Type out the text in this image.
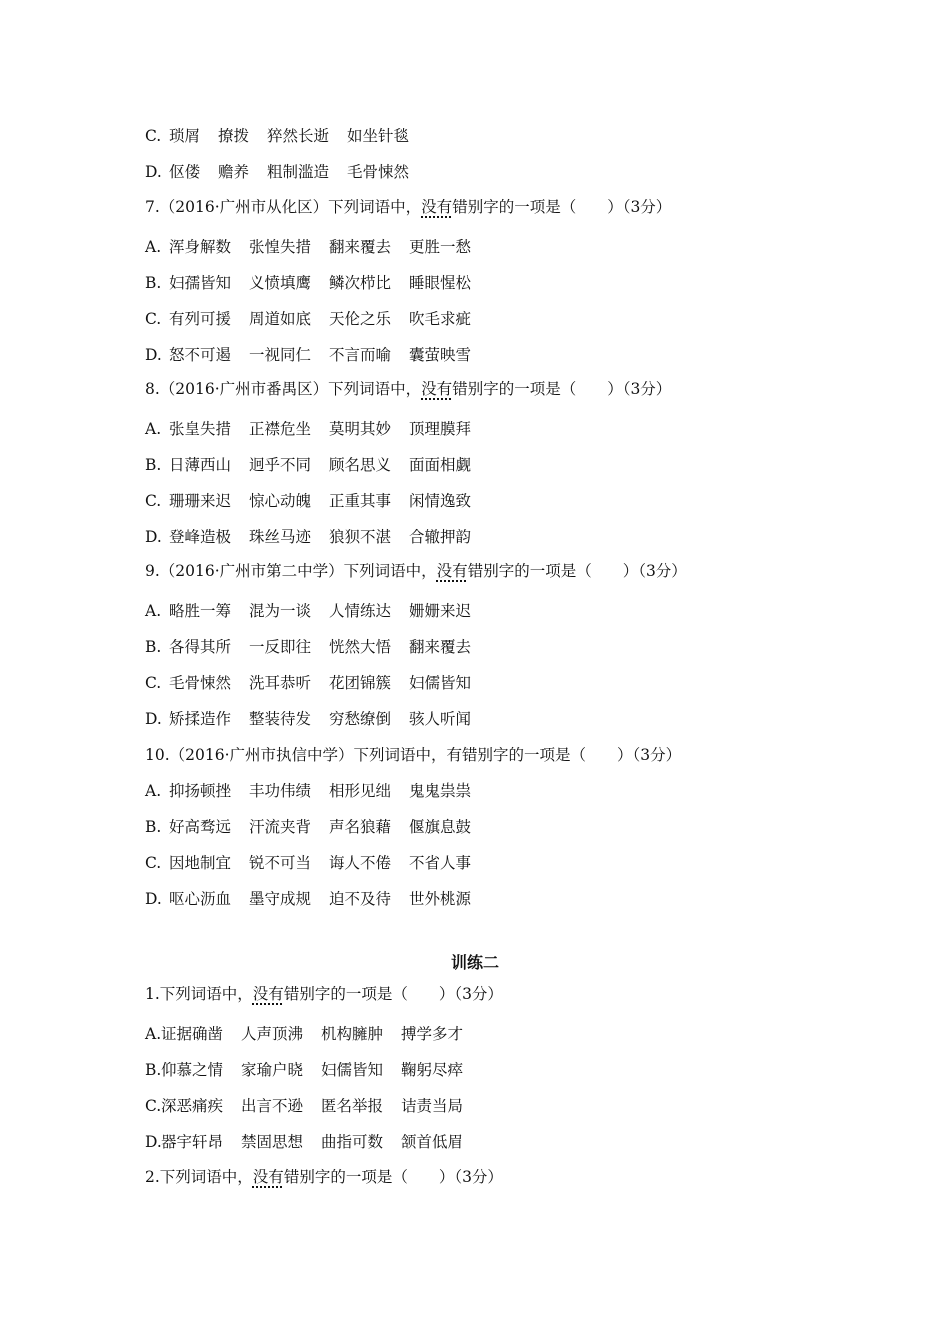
C. 琐屑 撩拨 猝然长逝 如坐针毯
D. 伛偻 赡养 粗制滥造 毛骨悚然
7.（2016·广州市从化区）下列词语中，没有错别字的一项是（　　）（3分）
A. 浑身解数 张惶失措 翻来覆去 更胜一愁
B. 妇孺皆知 义愤填鹰 鳞次栉比 睡眼惺松
C. 有列可援 周道如底 天伦之乐 吹毛求疵
D. 怒不可遏 一视同仁 不言而喻 囊萤映雪
8.（2016·广州市番禺区）下列词语中，没有错别字的一项是（　　）（3分）
A. 张皇失措 正襟危坐 莫明其妙 顶理膜拜
B. 日薄西山 迥乎不同 顾名思义 面面相觑
C. 珊珊来迟 惊心动魄 正重其事 闲情逸致
D. 登峰造极 珠丝马迹 狼狈不湛 合辙押韵
9.（2016·广州市第二中学）下列词语中，没有错别字的一项是（　　）（3分）
A. 略胜一筹 混为一谈 人情练达 姗姗来迟
B. 各得其所 一反即往 恍然大悟 翻来覆去
C. 毛骨悚然 洗耳恭听 花团锦簇 妇儒皆知
D. 矫揉造作 整装待发 穷愁缭倒 骇人听闻
10.（2016·广州市执信中学）下列词语中，有错别字的一项是（　　）（3分）
A. 抑扬顿挫 丰功伟绩 相形见绌 鬼鬼祟祟
B. 好高骛远 汗流夹背 声名狼藉 偃旗息鼓
C. 因地制宜 锐不可当 诲人不倦 不省人事
D. 呕心沥血 墨守成规 迫不及待 世外桃源
训练二
1.下列词语中，没有错别字的一项是（　　）（3分）
A.证据确凿 人声顶沸 机构臃肿 搏学多才
B.仰慕之情 家瑜户晓 妇儒皆知 鞠躬尽瘁
C.深恶痛疾 出言不逊 匿名举报 诘责当局
D.器宇轩昂 禁固思想 曲指可数 颔首低眉
2.下列词语中，没有错别字的一项是（　　）（3分）
